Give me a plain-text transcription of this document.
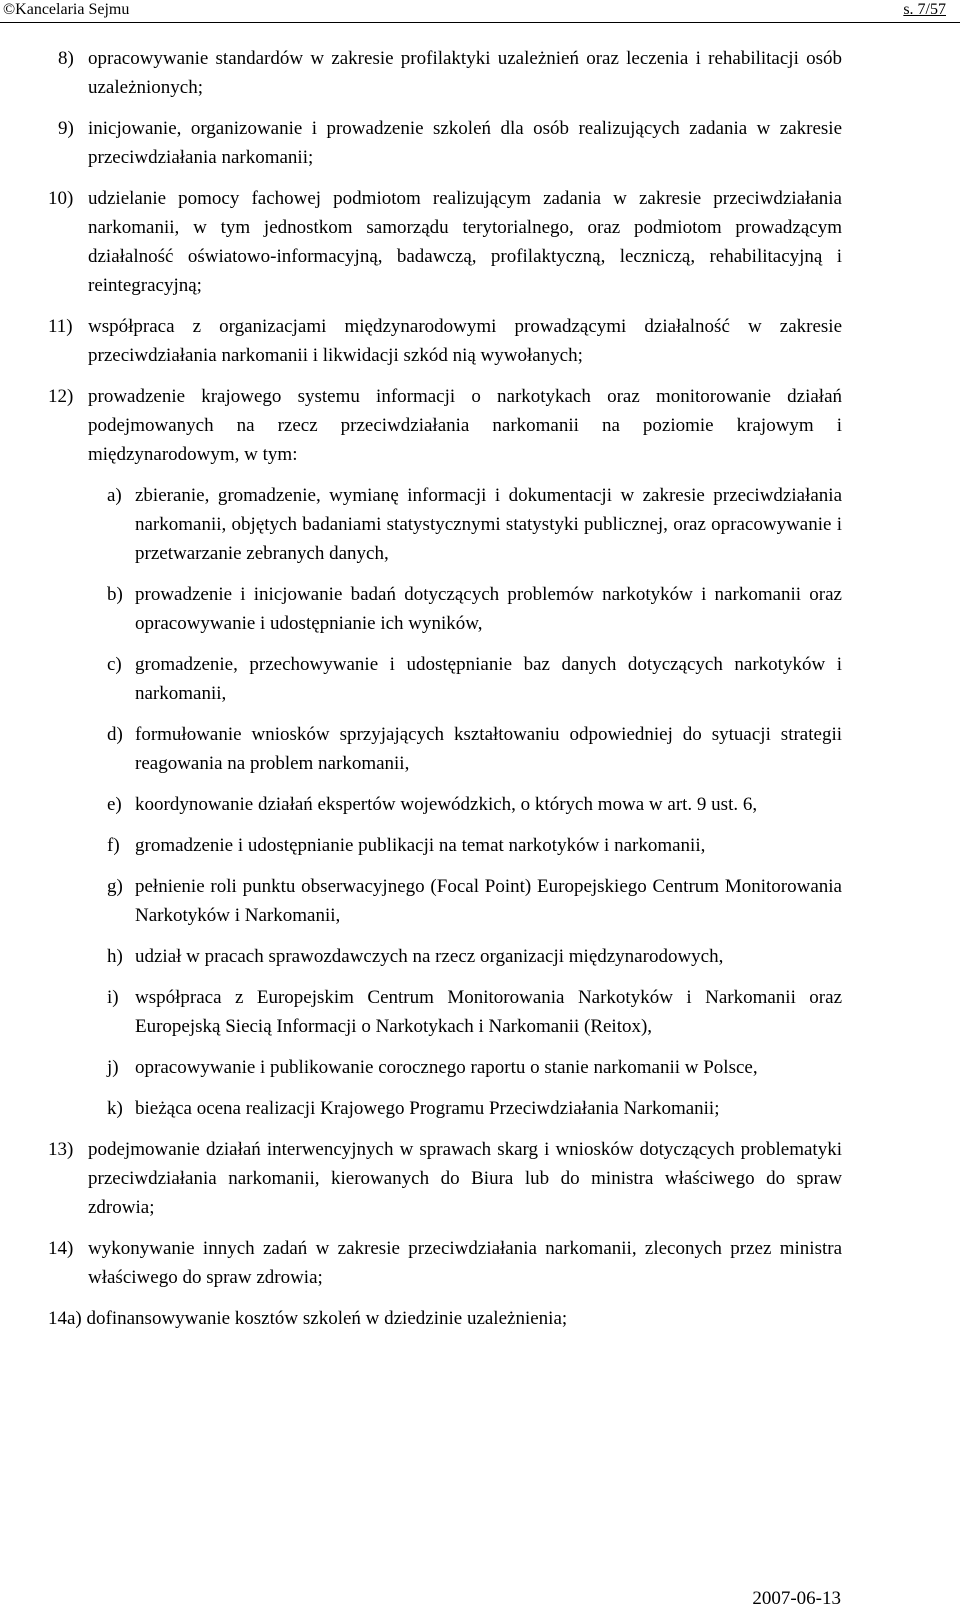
©Kancelaria Sejmu	s. 7/57
8) opracowywanie standardów w zakresie profilaktyki uzależnień oraz leczenia i rehabilitacji osób uzależnionych;
9) inicjowanie, organizowanie i prowadzenie szkoleń dla osób realizujących zadania w zakresie przeciwdziałania narkomanii;
10) udzielanie pomocy fachowej podmiotom realizującym zadania w zakresie przeciwdziałania narkomanii, w tym jednostkom samorządu terytorialnego, oraz podmiotom prowadzącym działalność oświatowo-informacyjną, badawczą, profilaktyczną, leczniczą, rehabilitacyjną i reintegracyjną;
11) współpraca z organizacjami międzynarodowymi prowadzącymi działalność w zakresie przeciwdziałania narkomanii i likwidacji szkód nią wywołanych;
12) prowadzenie krajowego systemu informacji o narkotykach oraz monitorowanie działań podejmowanych na rzecz przeciwdziałania narkomanii na poziomie krajowym i międzynarodowym, w tym:
a) zbieranie, gromadzenie, wymianę informacji i dokumentacji w zakresie przeciwdziałania narkomanii, objętych badaniami statystycznymi statystyki publicznej, oraz opracowywanie i przetwarzanie zebranych danych,
b) prowadzenie i inicjowanie badań dotyczących problemów narkotyków i narkomanii oraz opracowywanie i udostępnianie ich wyników,
c) gromadzenie, przechowywanie i udostępnianie baz danych dotyczących narkotyków i narkomanii,
d) formułowanie wniosków sprzyjających kształtowaniu odpowiedniej do sytuacji strategii reagowania na problem narkomanii,
e) koordynowanie działań ekspertów wojewódzkich, o których mowa w art. 9 ust. 6,
f) gromadzenie i udostępnianie publikacji na temat narkotyków i narkomanii,
g) pełnienie roli punktu obserwacyjnego (Focal Point) Europejskiego Centrum Monitorowania Narkotyków i Narkomanii,
h) udział w pracach sprawozdawczych na rzecz organizacji międzynarodowych,
i) współpraca z Europejskim Centrum Monitorowania Narkotyków i Narkomanii oraz Europejską Siecią Informacji o Narkotykach i Narkomanii (Reitox),
j) opracowywanie i publikowanie corocznego raportu o stanie narkomanii w Polsce,
k) bieżąca ocena realizacji Krajowego Programu Przeciwdziałania Narkomanii;
13) podejmowanie działań interwencyjnych w sprawach skarg i wniosków dotyczących problematyki przeciwdziałania narkomanii, kierowanych do Biura lub do ministra właściwego do spraw zdrowia;
14) wykonywanie innych zadań w zakresie przeciwdziałania narkomanii, zleconych przez ministra właściwego do spraw zdrowia;
14a) dofinansowywanie kosztów szkoleń w dziedzinie uzależnienia;
2007-06-13
